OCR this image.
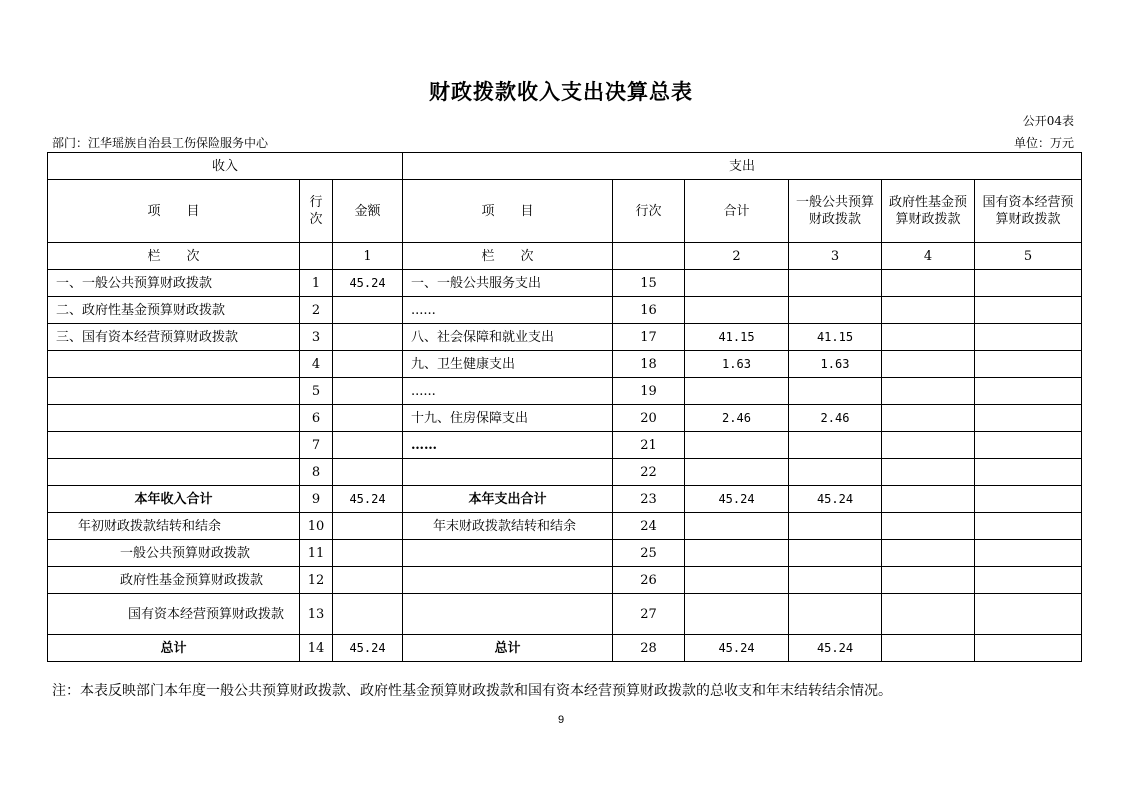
财政拨款收入支出决算总表
公开04表
部门：江华瑶族自治县工伤保险服务中心	单位：万元
收入			支出					
项　　目	行次	金额	项　　目	行次	合计	一般公共预算财政拨款	政府性基金预算财政拨款	国有资本经营预算财政拨款
栏　　次		1	栏　　次		2	3	4	5
一、一般公共预算财政拨款	1	45.24	一、一般公共服务支出	15				
二、政府性基金预算财政拨款	2		......	16				
三、国有资本经营预算财政拨款	3		八、社会保障和就业支出	17	41.15	41.15		
	4		九、卫生健康支出	18	1.63	1.63		
	5		......	19				
	6		十九、住房保障支出	20	2.46	2.46		
	7		……	21				
	8			22				
本年收入合计	9	45.24	本年支出合计	23	45.24	45.24		
年初财政拨款结转和结余	10		年末财政拨款结转和结余	24				
一般公共预算财政拨款	11			25				
政府性基金预算财政拨款	12			26				
国有资本经营预算财政拨款	13			27				
总计	14	45.24	总计	28	45.24	45.24		
注：本表反映部门本年度一般公共预算财政拨款、政府性基金预算财政拨款和国有资本经营预算财政拨款的总收支和年末结转结余情况。
9
